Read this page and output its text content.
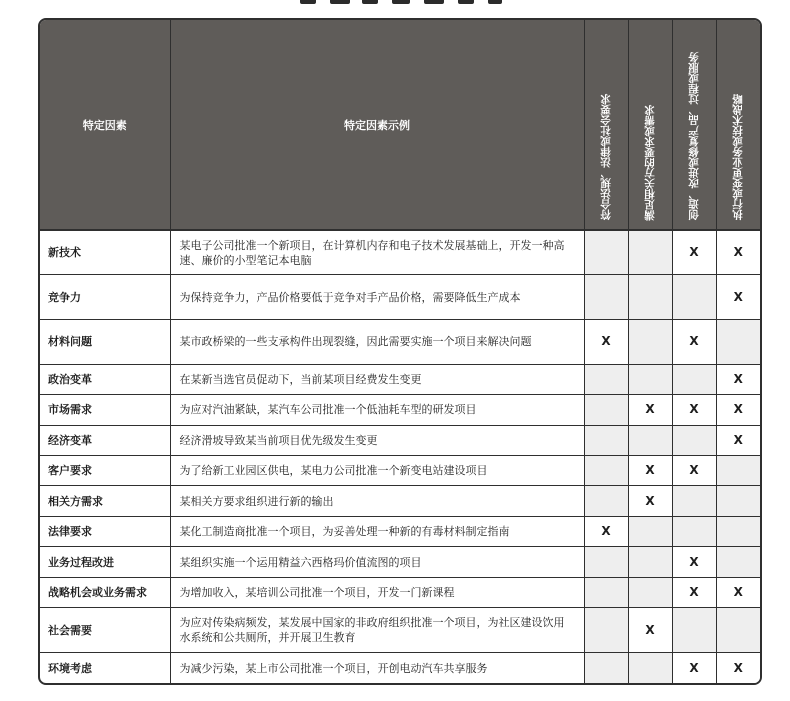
特定因素	特定因素示例	符合法规、法律或社会要求	满足相关方的要求或需求	创造、改进或修复产品、过程或服务	执行或变更业务或技术战略
新技术	某电子公司批准一个新项目，在计算机内存和电子技术发展基础上，开发一种高速、廉价的小型笔记本电脑			X	X
竞争力	为保持竞争力，产品价格要低于竞争对手产品价格，需要降低生产成本				X
材料问题	某市政桥梁的一些支承构件出现裂缝，因此需要实施一个项目来解决问题	X		X	
政治变革	在某新当选官员促动下，当前某项目经费发生变更				X
市场需求	为应对汽油紧缺，某汽车公司批准一个低油耗车型的研发项目		X	X	X
经济变革	经济滑坡导致某当前项目优先级发生变更				X
客户要求	为了给新工业园区供电，某电力公司批准一个新变电站建设项目		X	X	
相关方需求	某相关方要求组织进行新的输出		X		
法律要求	某化工制造商批准一个项目，为妥善处理一种新的有毒材料制定指南	X			
业务过程改进	某组织实施一个运用精益六西格玛价值流图的项目			X	
战略机会或业务需求	为增加收入，某培训公司批准一个项目，开发一门新课程			X	X
社会需要	为应对传染病频发，某发展中国家的非政府组织批准一个项目，为社区建设饮用水系统和公共厕所，并开展卫生教育		X		
环境考虑	为减少污染，某上市公司批准一个项目，开创电动汽车共享服务			X	X
